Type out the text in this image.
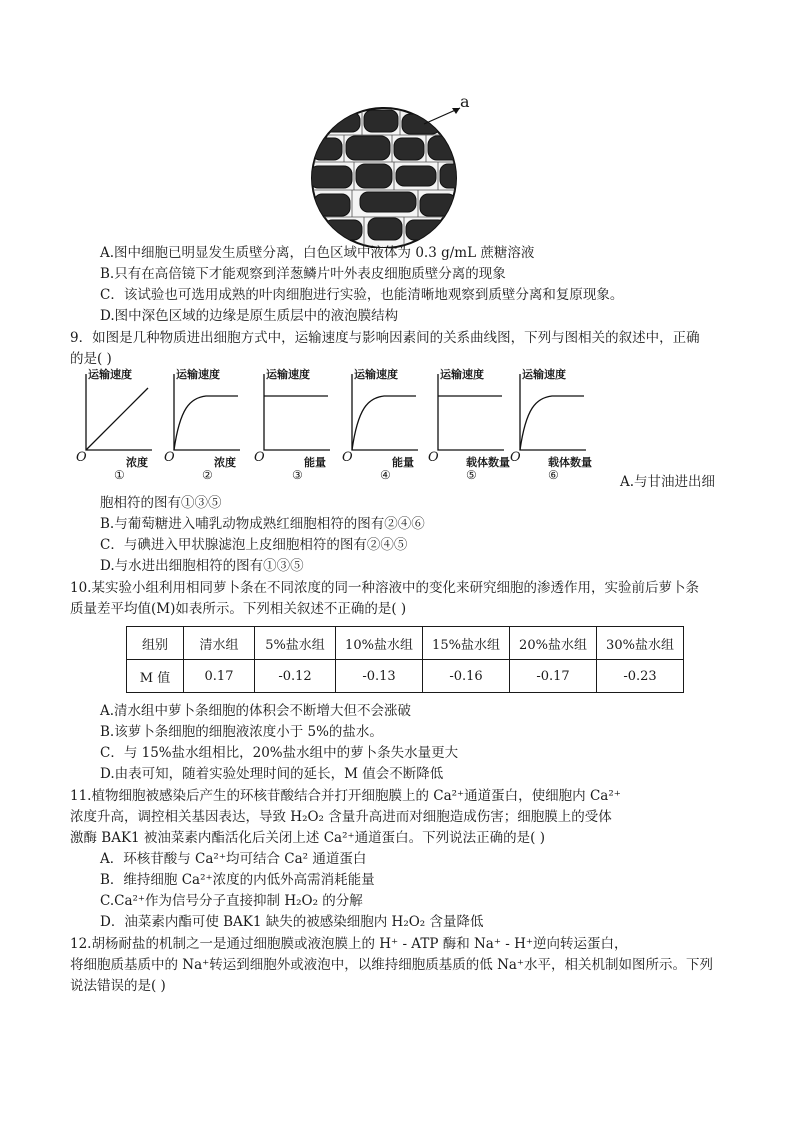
a
A.图中细胞已明显发生质壁分离，白色区域中液体为 0.3 g/mL 蔗糖溶液
B.只有在高倍镜下才能观察到洋葱鳞片叶外表皮细胞质壁分离的现象
C．该试验也可选用成熟的叶肉细胞进行实验，也能清晰地观察到质壁分离和复原现象。
D.图中深色区域的边缘是原生质层中的液泡膜结构
9．如图是几种物质进出细胞方式中，运输速度与影响因素间的关系曲线图，下列与图相关的叙述中，正确
的是( )
运输速度
浓度
O
①
运输速度
浓度
O
②
运输速度
能量
O
③
运输速度
能量
O
④
运输速度
载体数量
O
⑤
运输速度
载体数量
O
⑥	A.与甘油进出细
胞相符的图有①③⑤
B.与葡萄糖进入哺乳动物成熟红细胞相符的图有②④⑥
C．与碘进入甲状腺滤泡上皮细胞相符的图有②④⑤
D.与水进出细胞相符的图有①③⑤
10.某实验小组利用相同萝卜条在不同浓度的同一种溶液中的变化来研究细胞的渗透作用，实验前后萝卜条
质量差平均值(M)如表所示。下列相关叙述不正确的是( )
组别	清水组	5%盐水组	10%盐水组	15%盐水组	20%盐水组	30%盐水组
M 值	0.17	-0.12	-0.13	-0.16	-0.17	-0.23
A.清水组中萝卜条细胞的体积会不断增大但不会涨破
B.该萝卜条细胞的细胞液浓度小于 5%的盐水。
C．与 15%盐水组相比，20%盐水组中的萝卜条失水量更大
D.由表可知，随着实验处理时间的延长，M 值会不断降低
11.植物细胞被感染后产生的环核苷酸结合并打开细胞膜上的 Ca²⁺通道蛋白，使细胞内 Ca²⁺
浓度升高，调控相关基因表达，导致 H₂O₂ 含量升高进而对细胞造成伤害；细胞膜上的受体
激酶 BAK1 被油菜素内酯活化后关闭上述 Ca²⁺通道蛋白。下列说法正确的是( )
A．环核苷酸与 Ca²⁺均可结合 Ca² 通道蛋白
B．维持细胞 Ca²⁺浓度的内低外高需消耗能量
C.Ca²⁺作为信号分子直接抑制 H₂O₂ 的分解
D．油菜素内酯可使 BAK1 缺失的被感染细胞内 H₂O₂ 含量降低
12.胡杨耐盐的机制之一是通过细胞膜或液泡膜上的 H⁺ - ATP 酶和 Na⁺ - H⁺逆向转运蛋白，
将细胞质基质中的 Na⁺转运到细胞外或液泡中，以维持细胞质基质的低 Na⁺水平，相关机制如图所示。下列
说法错误的是( )
